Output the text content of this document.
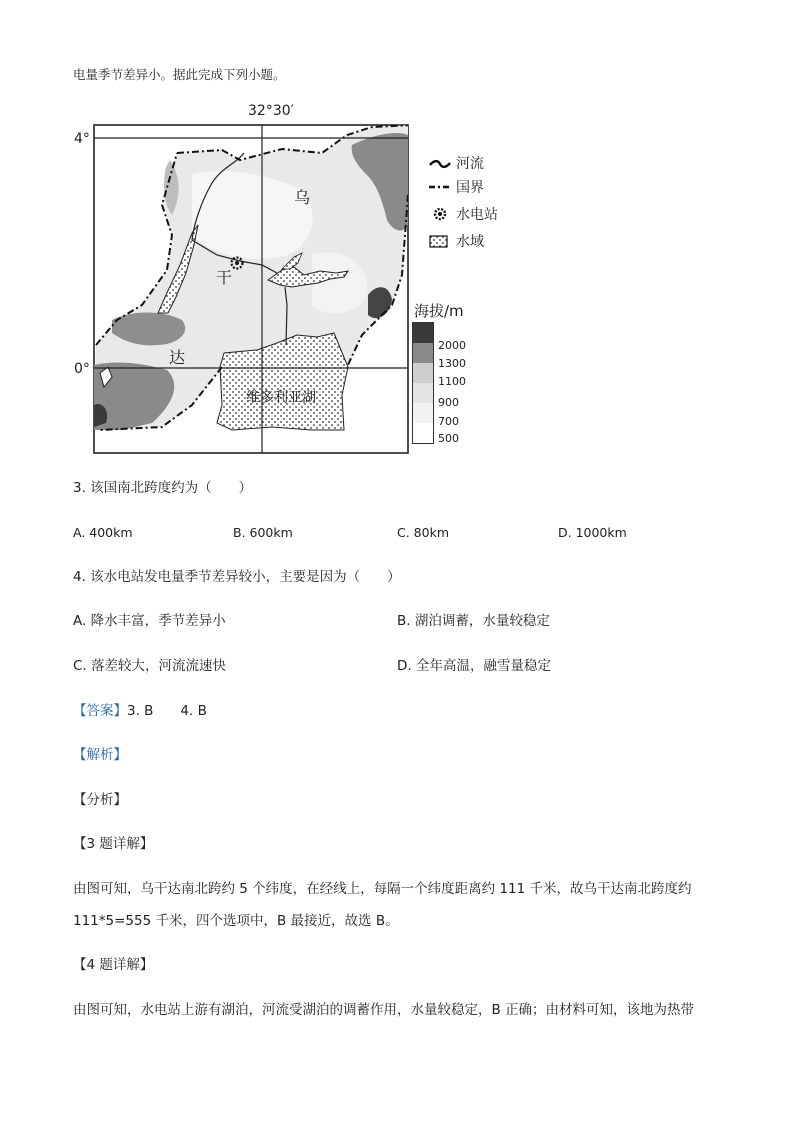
电量季节差异小。据此完成下列小题。
32°30′
4°
0°
乌
干
达
维多利亚湖
河流
国界
水电站
水域
海拔/m
2000
1300
1100
900
700
500
3. 该国南北跨度约为（　　）
A. 400km	B. 600km	C. 80km	D. 1000km
4. 该水电站发电量季节差异较小，主要是因为（　　）
A. 降水丰富，季节差异小	B. 湖泊调蓄，水量较稳定
C. 落差较大，河流流速快	D. 全年高温，融雪量稳定
【答案】3. B　　4. B
【解析】
【分析】
【3 题详解】
由图可知，乌干达南北跨约 5 个纬度，在经线上，每隔一个纬度距离约 111 千米，故乌干达南北跨度约
111*5=555 千米，四个选项中，B 最接近，故选 B。
【4 题详解】
由图可知，水电站上游有湖泊，河流受湖泊的调蓄作用，水量较稳定，B 正确；由材料可知，该地为热带
